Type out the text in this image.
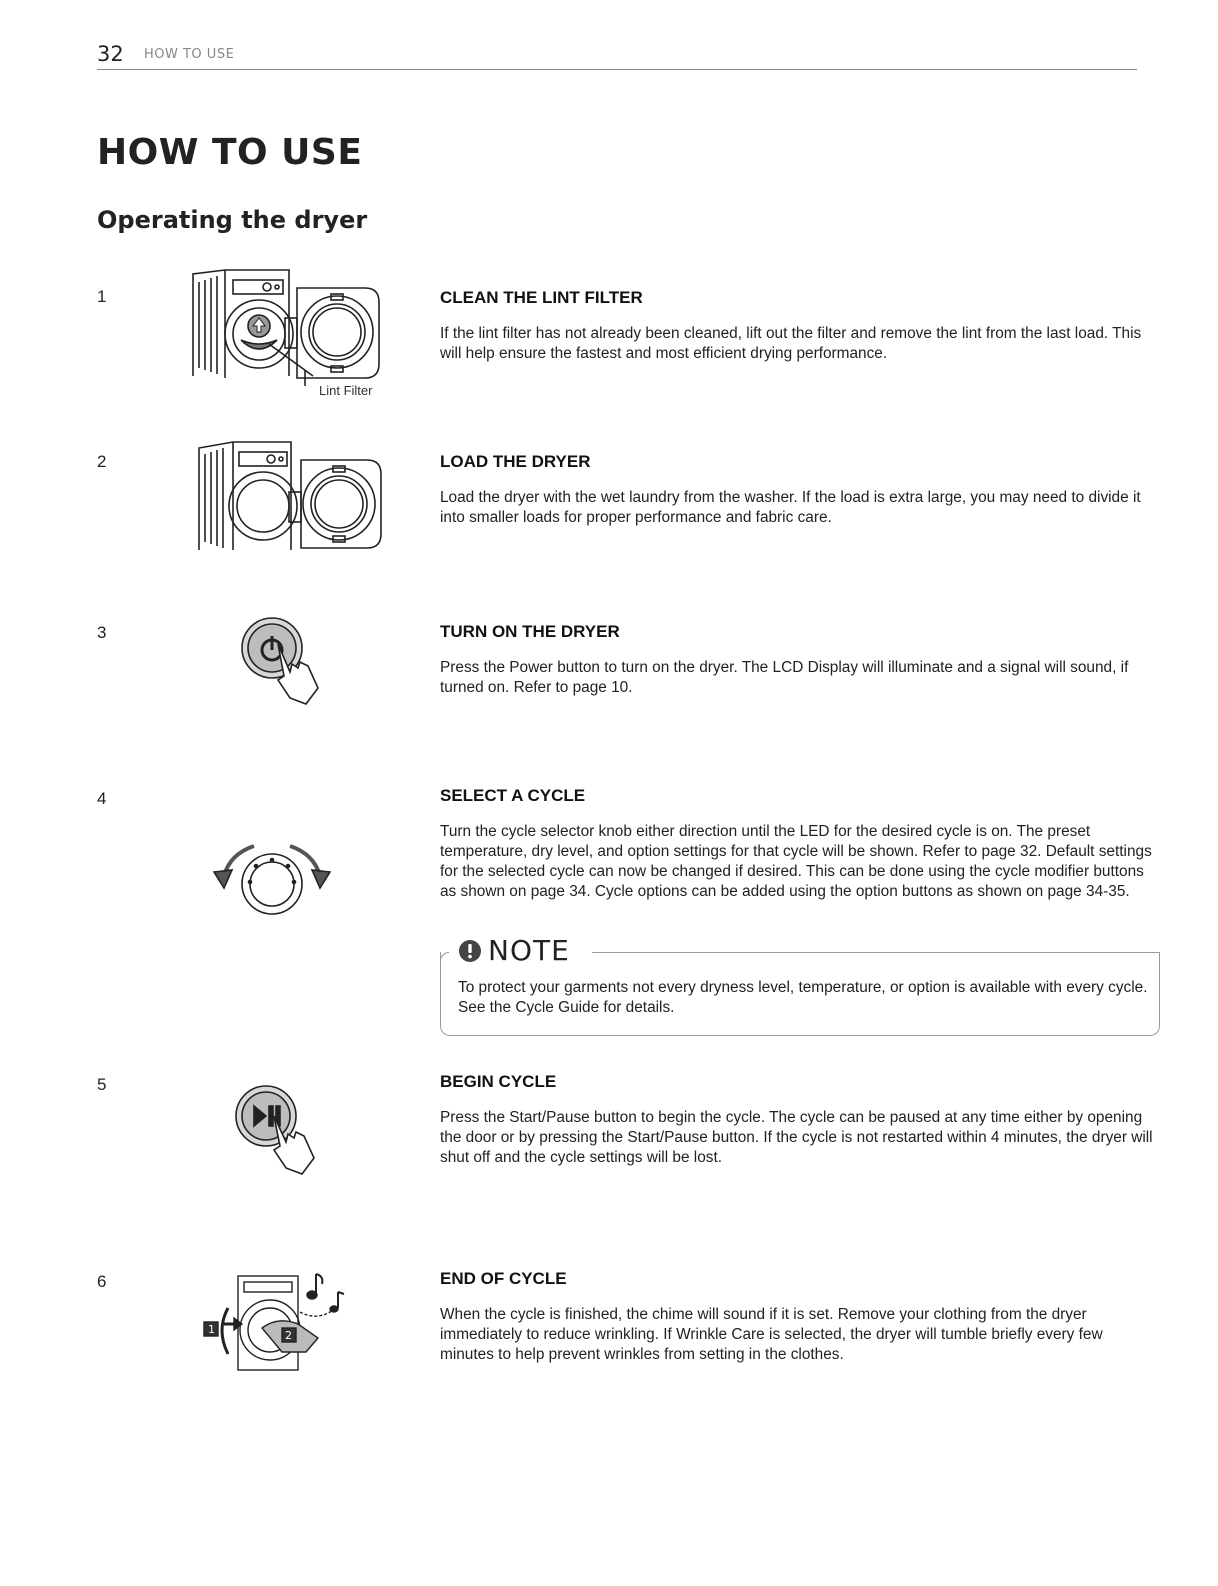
32 HOW TO USE
HOW TO USE
Operating the dryer
1
Lint Filter
CLEAN THE LINT FILTER
If the lint filter has not already been cleaned, lift out the filter and remove the lint from the last load. This will help ensure the fastest and most efficient drying performance.
2	LOAD THE DRYER
Load the dryer with the wet laundry from the washer. If the load is extra large, you may need to divide it into smaller loads for proper performance and fabric care.
3	TURN ON THE DRYER
Press the Power button to turn on the dryer. The LCD Display will illuminate and a signal will sound, if turned on. Refer to page 10.
4	SELECT A CYCLE
Turn the cycle selector knob either direction until the LED for the desired cycle is on. The preset temperature, dry level, and option settings for that cycle will be shown. Refer to page 32. Default settings for the selected cycle can now be changed if desired. This can be done using the cycle modifier buttons as shown on page 34. Cycle options can be added using the option buttons as shown on page 34-35.
NOTE
To protect your garments not every dryness level, temperature, or option is available with every cycle. See the Cycle Guide for details.
5	BEGIN CYCLE
Press the Start/Pause button to begin the cycle. The cycle can be paused at any time either by opening the door or by pressing the Start/Pause button. If the cycle is not restarted within 4 minutes, the dryer will shut off and the cycle settings will be lost.
6
1	2
END OF CYCLE
When the cycle is finished, the chime will sound if it is set. Remove your clothing from the dryer immediately to reduce wrinkling. If Wrinkle Care is selected, the dryer will tumble briefly every few minutes to help prevent wrinkles from setting in the clothes.
